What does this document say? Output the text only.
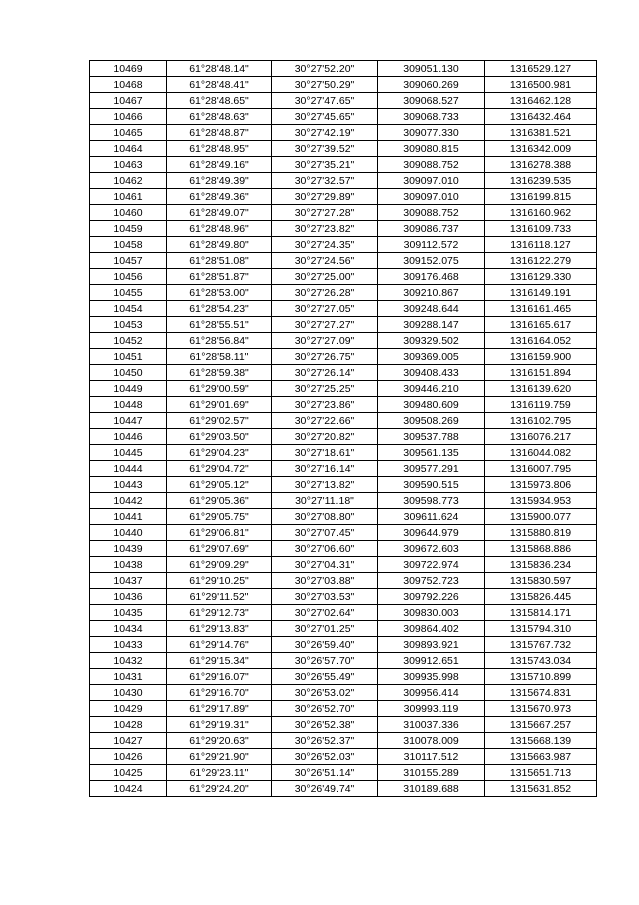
10469	61°28'48.14"	30°27'52.20"	309051.130	1316529.127
10468	61°28'48.41"	30°27'50.29"	309060.269	1316500.981
10467	61°28'48.65"	30°27'47.65"	309068.527	1316462.128
10466	61°28'48.63"	30°27'45.65"	309068.733	1316432.464
10465	61°28'48.87"	30°27'42.19"	309077.330	1316381.521
10464	61°28'48.95"	30°27'39.52"	309080.815	1316342.009
10463	61°28'49.16"	30°27'35.21"	309088.752	1316278.388
10462	61°28'49.39"	30°27'32.57"	309097.010	1316239.535
10461	61°28'49.36"	30°27'29.89"	309097.010	1316199.815
10460	61°28'49.07"	30°27'27.28"	309088.752	1316160.962
10459	61°28'48.96"	30°27'23.82"	309086.737	1316109.733
10458	61°28'49.80"	30°27'24.35"	309112.572	1316118.127
10457	61°28'51.08"	30°27'24.56"	309152.075	1316122.279
10456	61°28'51.87"	30°27'25.00"	309176.468	1316129.330
10455	61°28'53.00"	30°27'26.28"	309210.867	1316149.191
10454	61°28'54.23"	30°27'27.05"	309248.644	1316161.465
10453	61°28'55.51"	30°27'27.27"	309288.147	1316165.617
10452	61°28'56.84"	30°27'27.09"	309329.502	1316164.052
10451	61°28'58.11"	30°27'26.75"	309369.005	1316159.900
10450	61°28'59.38"	30°27'26.14"	309408.433	1316151.894
10449	61°29'00.59"	30°27'25.25"	309446.210	1316139.620
10448	61°29'01.69"	30°27'23.86"	309480.609	1316119.759
10447	61°29'02.57"	30°27'22.66"	309508.269	1316102.795
10446	61°29'03.50"	30°27'20.82"	309537.788	1316076.217
10445	61°29'04.23"	30°27'18.61"	309561.135	1316044.082
10444	61°29'04.72"	30°27'16.14"	309577.291	1316007.795
10443	61°29'05.12"	30°27'13.82"	309590.515	1315973.806
10442	61°29'05.36"	30°27'11.18"	309598.773	1315934.953
10441	61°29'05.75"	30°27'08.80"	309611.624	1315900.077
10440	61°29'06.81"	30°27'07.45"	309644.979	1315880.819
10439	61°29'07.69"	30°27'06.60"	309672.603	1315868.886
10438	61°29'09.29"	30°27'04.31"	309722.974	1315836.234
10437	61°29'10.25"	30°27'03.88"	309752.723	1315830.597
10436	61°29'11.52"	30°27'03.53"	309792.226	1315826.445
10435	61°29'12.73"	30°27'02.64"	309830.003	1315814.171
10434	61°29'13.83"	30°27'01.25"	309864.402	1315794.310
10433	61°29'14.76"	30°26'59.40"	309893.921	1315767.732
10432	61°29'15.34"	30°26'57.70"	309912.651	1315743.034
10431	61°29'16.07"	30°26'55.49"	309935.998	1315710.899
10430	61°29'16.70"	30°26'53.02"	309956.414	1315674.831
10429	61°29'17.89"	30°26'52.70"	309993.119	1315670.973
10428	61°29'19.31"	30°26'52.38"	310037.336	1315667.257
10427	61°29'20.63"	30°26'52.37"	310078.009	1315668.139
10426	61°29'21.90"	30°26'52.03"	310117.512	1315663.987
10425	61°29'23.11"	30°26'51.14"	310155.289	1315651.713
10424	61°29'24.20"	30°26'49.74"	310189.688	1315631.852
